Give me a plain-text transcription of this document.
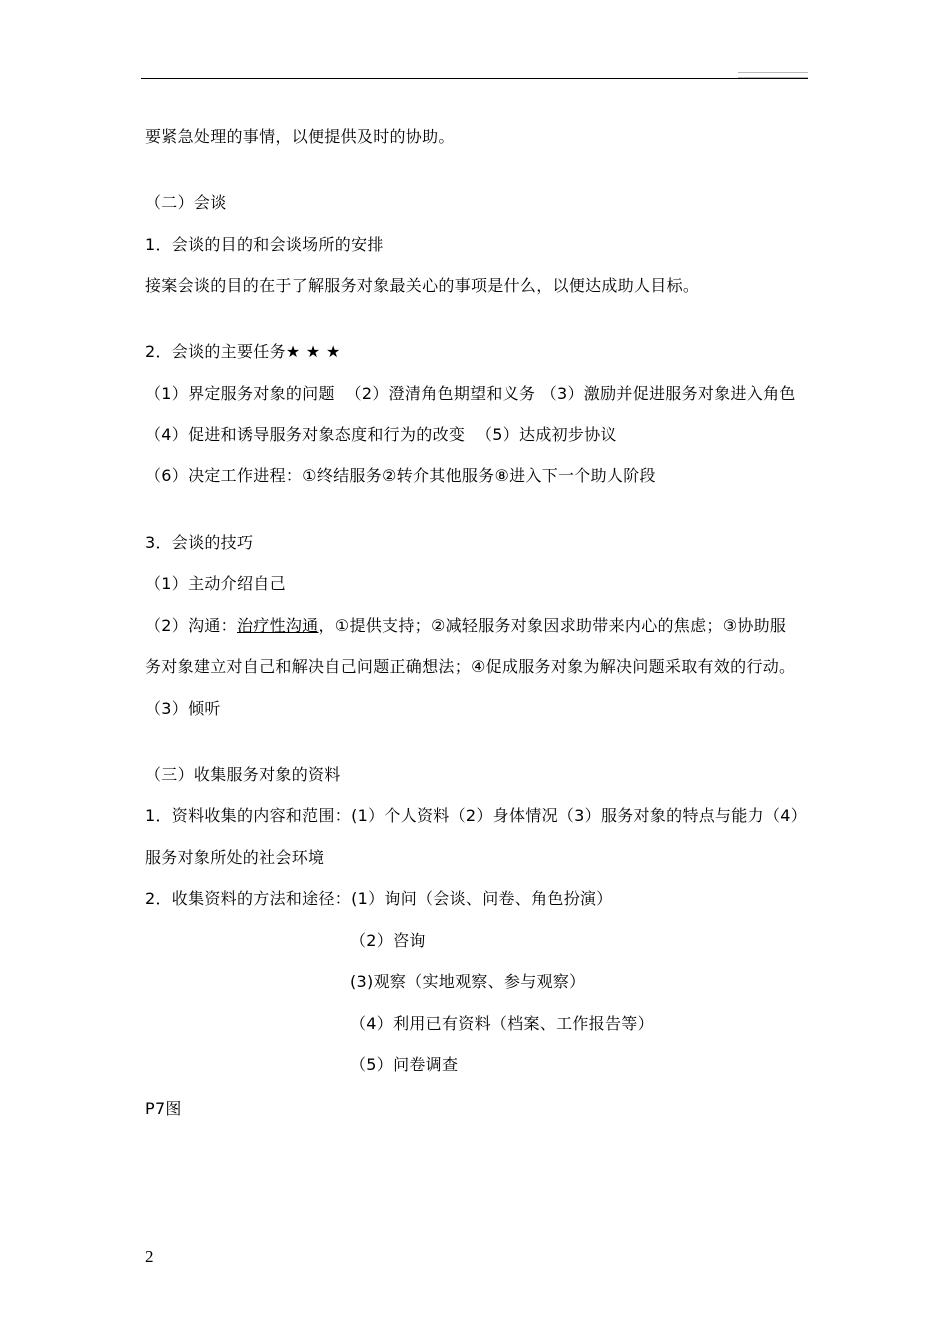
要紧急处理的事情，以便提供及时的协助。
（二）会谈
1．会谈的目的和会谈场所的安排
接案会谈的目的在于了解服务对象最关心的事项是什么，以便达成助人目标。
2．会谈的主要任务★ ★ ★
（1）界定服务对象的问题  （2）澄清角色期望和义务 （3）激励并促进服务对象进入角色
（4）促进和诱导服务对象态度和行为的改变  （5）达成初步协议
（6）决定工作进程：①终结服务②转介其他服务⑧进入下一个助人阶段
3．会谈的技巧
（1）主动介绍自己
（2）沟通：治疗性沟通，①提供支持；②减轻服务对象因求助带来内心的焦虑；③协助服
务对象建立对自己和解决自己问题正确想法；④促成服务对象为解决问题采取有效的行动。
（3）倾听
（三）收集服务对象的资料
1．资料收集的内容和范围：(1）个人资料（2）身体情况（3）服务对象的特点与能力（4）
服务对象所处的社会环境
2．收集资料的方法和途径：(1）询问（会谈、问卷、角色扮演）
（2）咨询
(3)观察（实地观察、参与观察）
（4）利用已有资料（档案、工作报告等）
（5）问卷调查
P7图
2
